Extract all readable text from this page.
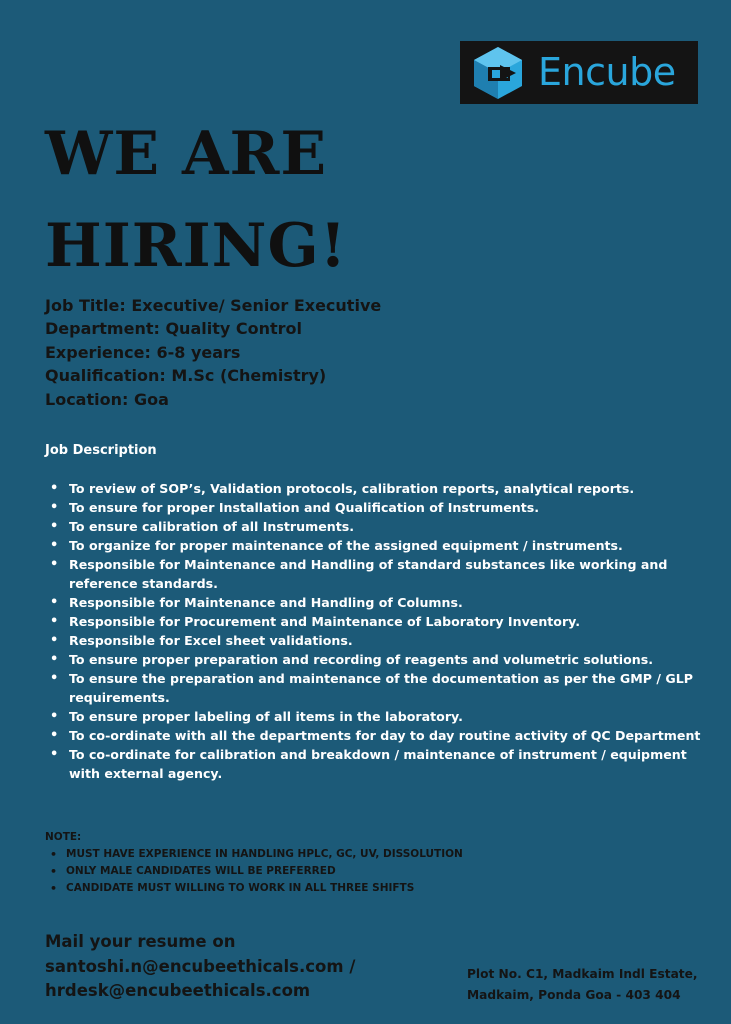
Encube
WE ARE
HIRING!
Job Title: Executive/ Senior Executive
Department: Quality Control
Experience: 6-8 years
Qualification: M.Sc (Chemistry)
Location: Goa
Job Description
• To review of SOP’s, Validation protocols, calibration reports, analytical reports.
• To ensure for proper Installation and Qualification of Instruments.
• To ensure calibration of all Instruments.
• To organize for proper maintenance of the assigned equipment / instruments.
• Responsible for Maintenance and Handling of standard substances like working and reference standards.
• Responsible for Maintenance and Handling of Columns.
• Responsible for Procurement and Maintenance of Laboratory Inventory.
• Responsible for Excel sheet validations.
• To ensure proper preparation and recording of reagents and volumetric solutions.
• To ensure the preparation and maintenance of the documentation as per the GMP / GLP requirements.
• To ensure proper labeling of all items in the laboratory.
• To co-ordinate with all the departments for day to day routine activity of QC Department
• To co-ordinate for calibration and breakdown / maintenance of instrument / equipment with external agency.
NOTE:
• MUST HAVE EXPERIENCE IN HANDLING HPLC, GC, UV, DISSOLUTION
• ONLY MALE CANDIDATES WILL BE PREFERRED
• CANDIDATE MUST WILLING TO WORK IN ALL THREE SHIFTS
Mail your resume on
santoshi.n@encubeethicals.com /
hrdesk@encubeethicals.com
Plot No. C1, Madkaim Indl Estate,
Madkaim, Ponda Goa - 403 404
